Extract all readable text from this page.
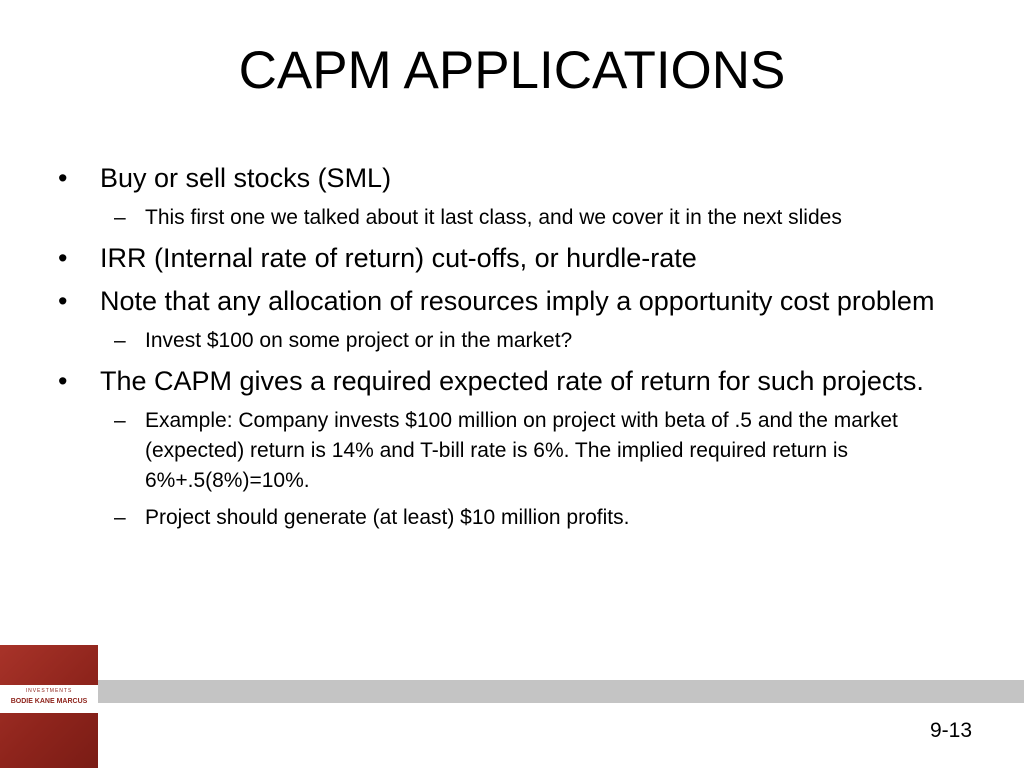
CAPM APPLICATIONS
• Buy or sell stocks (SML)
– This first one we talked about it last class, and we cover it in the next slides
• IRR (Internal rate of return) cut-offs, or hurdle-rate
• Note that any allocation of resources imply a opportunity cost problem
– Invest $100 on some project or in the market?
• The CAPM gives a required expected rate of return for such projects.
– Example: Company invests $100 million on project with beta of .5 and the market (expected) return is 14% and T-bill rate is 6%. The implied required return is 6%+.5(8%)=10%.
– Project should generate (at least) $10 million profits.
INVESTMENTS
BODIE KANE MARCUS
9-13
